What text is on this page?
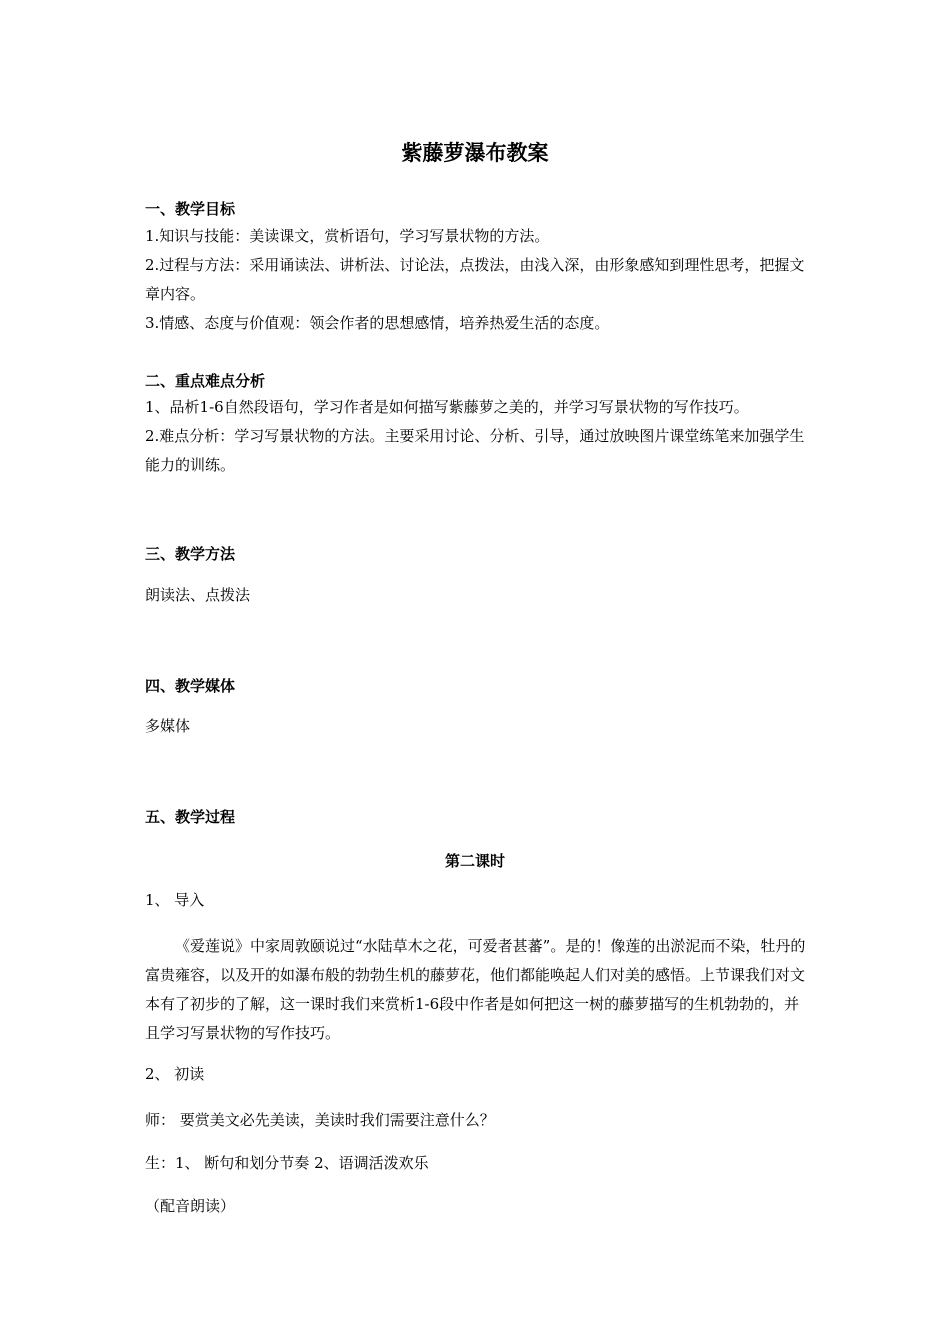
紫藤萝瀑布教案
一、教学目标
1.知识与技能：美读课文，赏析语句，学习写景状物的方法。
2.过程与方法：采用诵读法、讲析法、讨论法，点拨法，由浅入深，由形象感知到理性思考，把握文章内容。
3.情感、态度与价值观：领会作者的思想感情，培养热爱生活的态度。
二、重点难点分析
1、品析1-6自然段语句，学习作者是如何描写紫藤萝之美的，并学习写景状物的写作技巧。
2.难点分析：学习写景状物的方法。主要采用讨论、分析、引导，通过放映图片课堂练笔来加强学生能力的训练。
三、教学方法
朗读法、点拨法
四、教学媒体
多媒体
五、教学过程
第二课时
1、 导入
《爱莲说》中家周敦颐说过“水陆草木之花，可爱者甚蕃”。是的！像莲的出淤泥而不染，牡丹的富贵雍容，以及开的如瀑布般的勃勃生机的藤萝花，他们都能唤起人们对美的感悟。上节课我们对文本有了初步的了解，这一课时我们来赏析1-6段中作者是如何把这一树的藤萝描写的生机勃勃的，并且学习写景状物的写作技巧。
2、 初读
师： 要赏美文必先美读，美读时我们需要注意什么？
生：1、 断句和划分节奏 2、语调活泼欢乐
（配音朗读）
